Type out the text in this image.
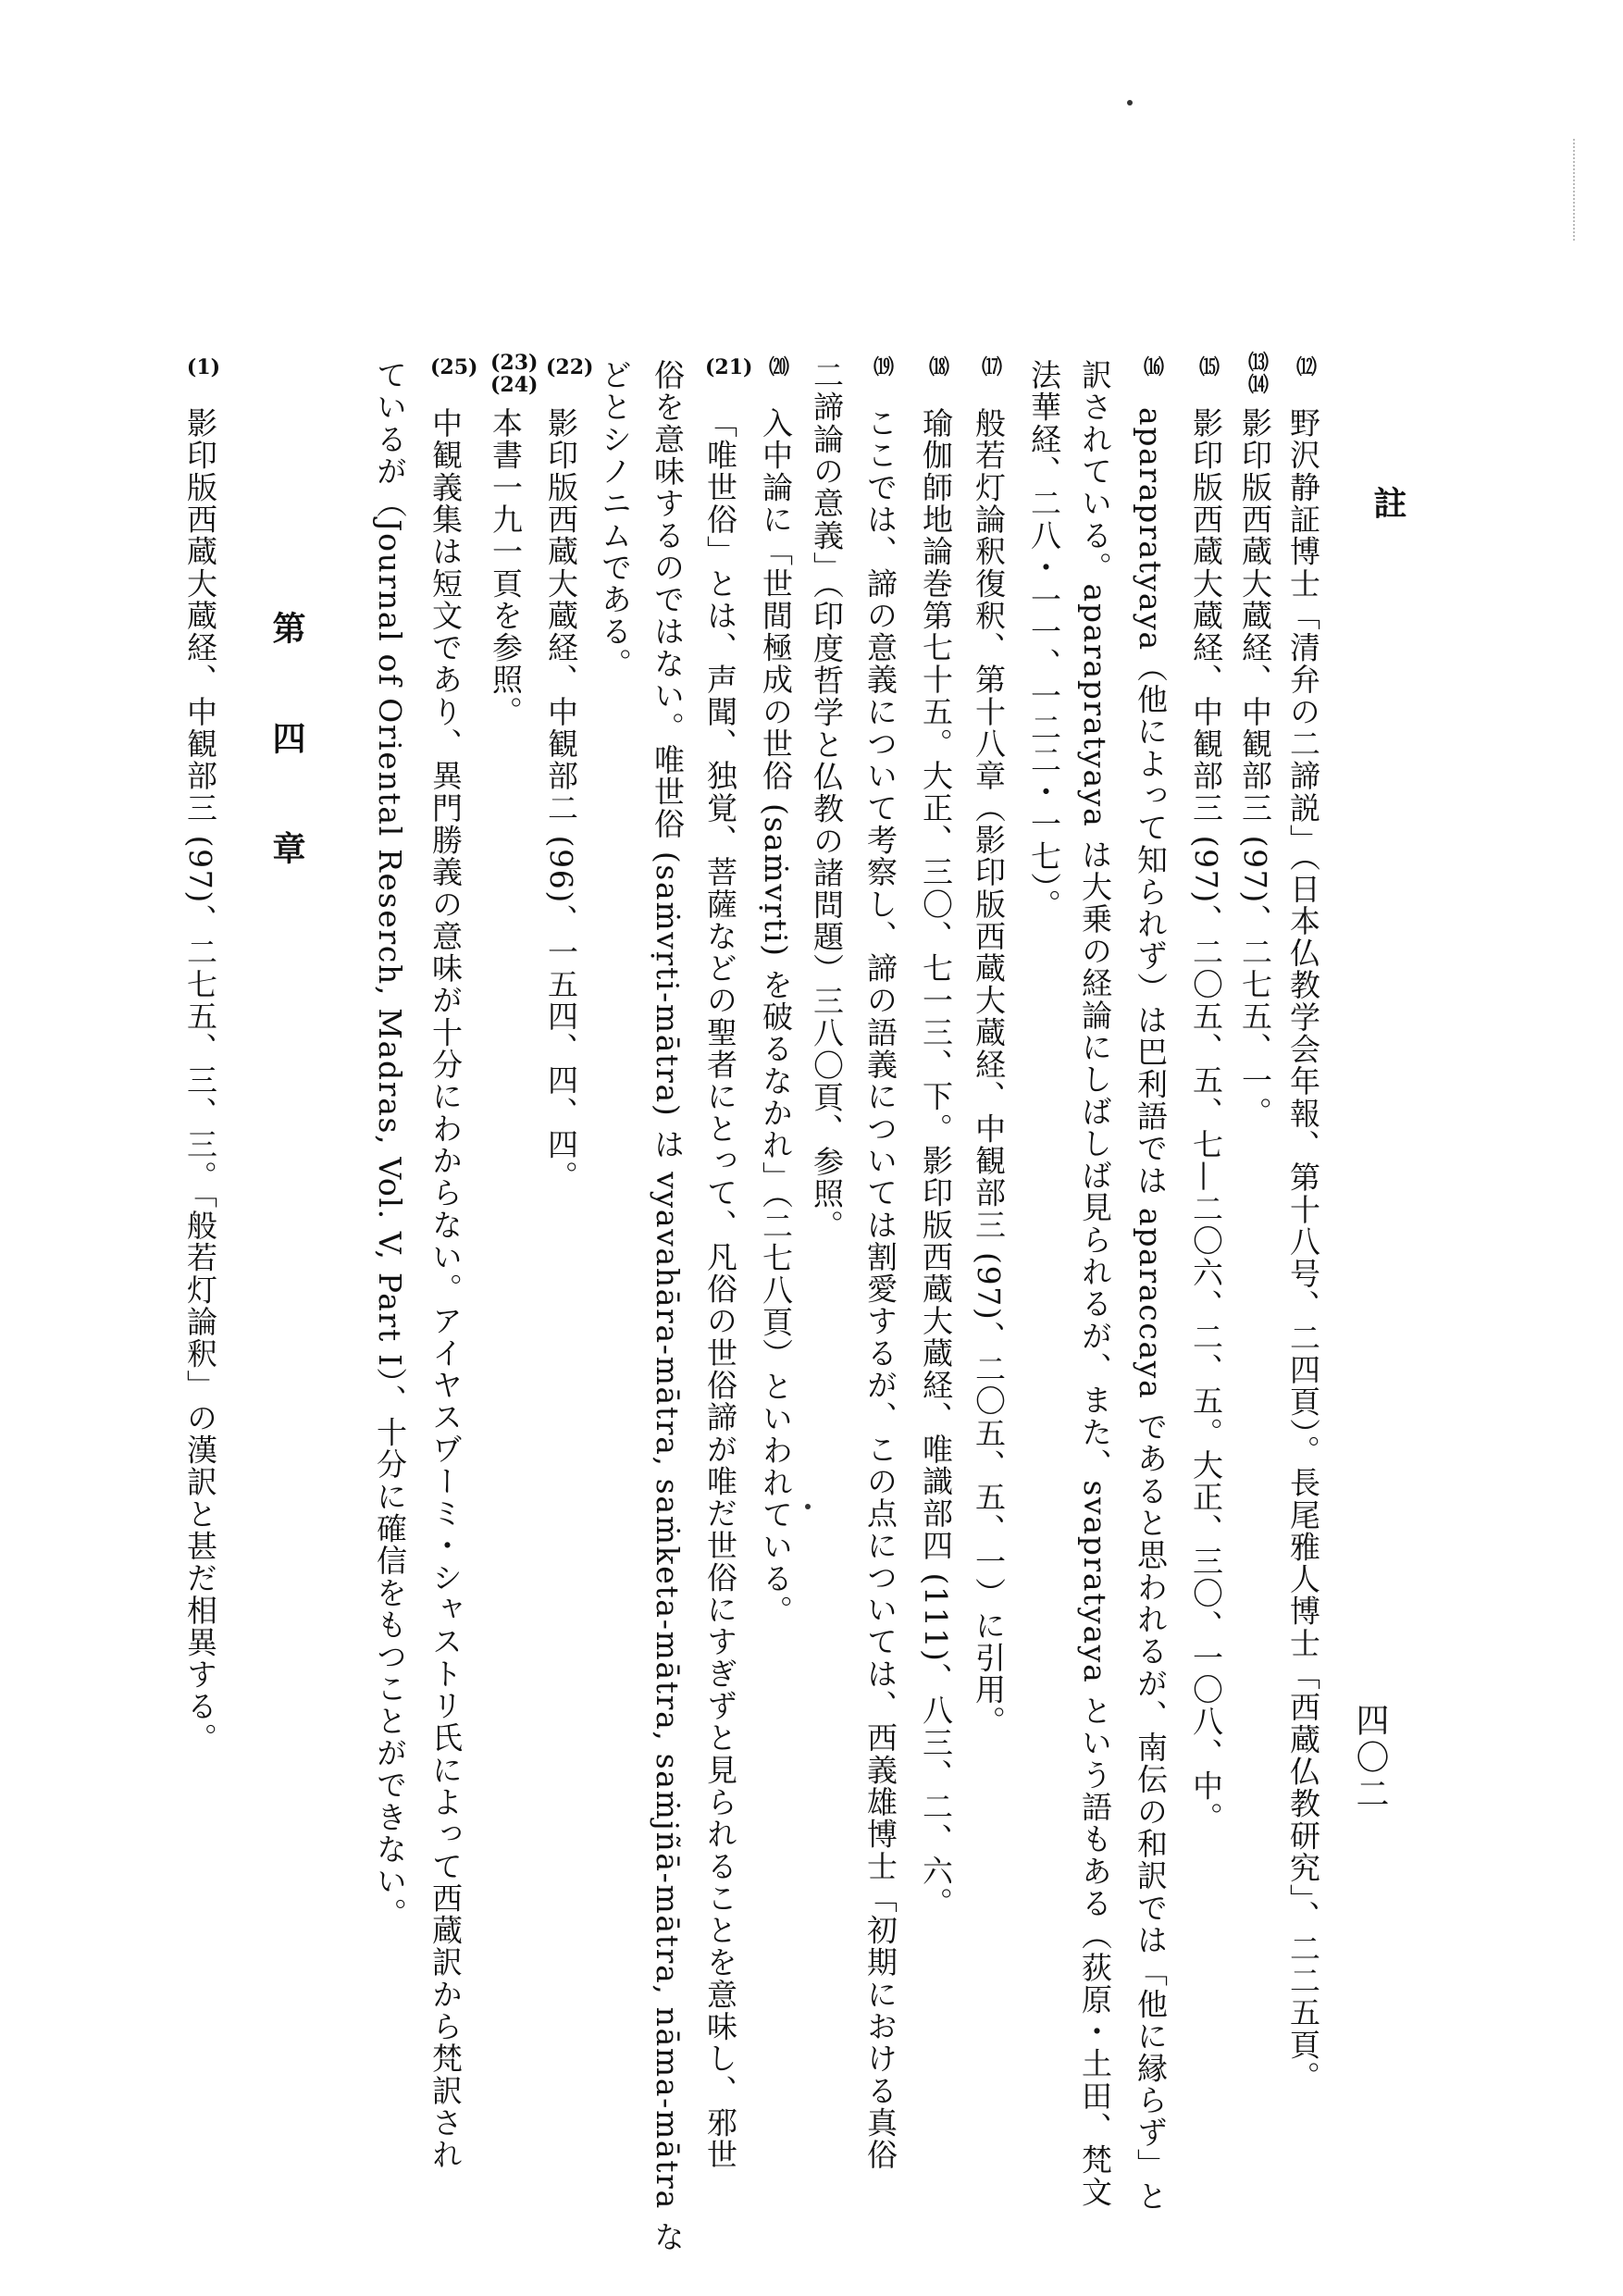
註
四〇二
⑿
野沢静証博士「清弁の二諦説」（日本仏教学会年報、第十八号、二四頁）。長尾雅人博士「西蔵仏教研究」、二二五頁。
⒀
⒁
影印版西蔵大蔵経、中観部三 (97)、二七五、一。
⒂
影印版西蔵大蔵経、中観部三 (97)、二〇五、五、七—二〇六、二、五。大正、三〇、一〇八、中。
⒃
aparapratyaya（他によって知られず）は巴利語では aparaccaya であると思われるが、南伝の和訳では「他に縁らず」と
訳されている。aparapratyaya は大乗の経論にしばしば見られるが、また、svapratyaya という語もある（荻原・土田、梵文
法華経、二八・一一、一二二・一七）。
⒄
般若灯論釈復釈、第十八章（影印版西蔵大蔵経、中観部三 (97)、二〇五、五、一）に引用。
⒅
瑜伽師地論巻第七十五。大正、三〇、七一三、下。影印版西蔵大蔵経、唯識部四 (111)、八三、二、六。
⒆
ここでは、諦の意義について考察し、諦の語義については割愛するが、この点については、西義雄博士「初期における真俗
二諦論の意義」（印度哲学と仏教の諸問題）三八〇頁、参照。
⒇
入中論に「世間極成の世俗 (saṁvṛti) を破るなかれ」（二七八頁）といわれている。
(21)
「唯世俗」とは、声聞、独覚、菩薩などの聖者にとって、凡俗の世俗諦が唯だ世俗にすぎずと見られることを意味し、邪世
俗を意味するのではない。唯世俗 (saṁvṛti-mātra) は vyavahāra-mātra, saṁketa-mātra, saṁjñā-mātra, nāma-mātra な
どとシノニムである。
(22)
影印版西蔵大蔵経、中観部二 (96)、一五四、四、四。
(23)
(24)
本書一九一頁を参照。
(25)
中観義集は短文であり、異門勝義の意味が十分にわからない。アイヤスヷーミ・シャストリ氏によって西蔵訳から梵訳され
ているが（Journal of Oriental Reserch, Madras, Vol. V, Part I）、十分に確信をもつことができない。
第四章
(1)
影印版西蔵大蔵経、中観部三 (97)、二七五、三、三。「般若灯論釈」の漢訳と甚だ相異する。
